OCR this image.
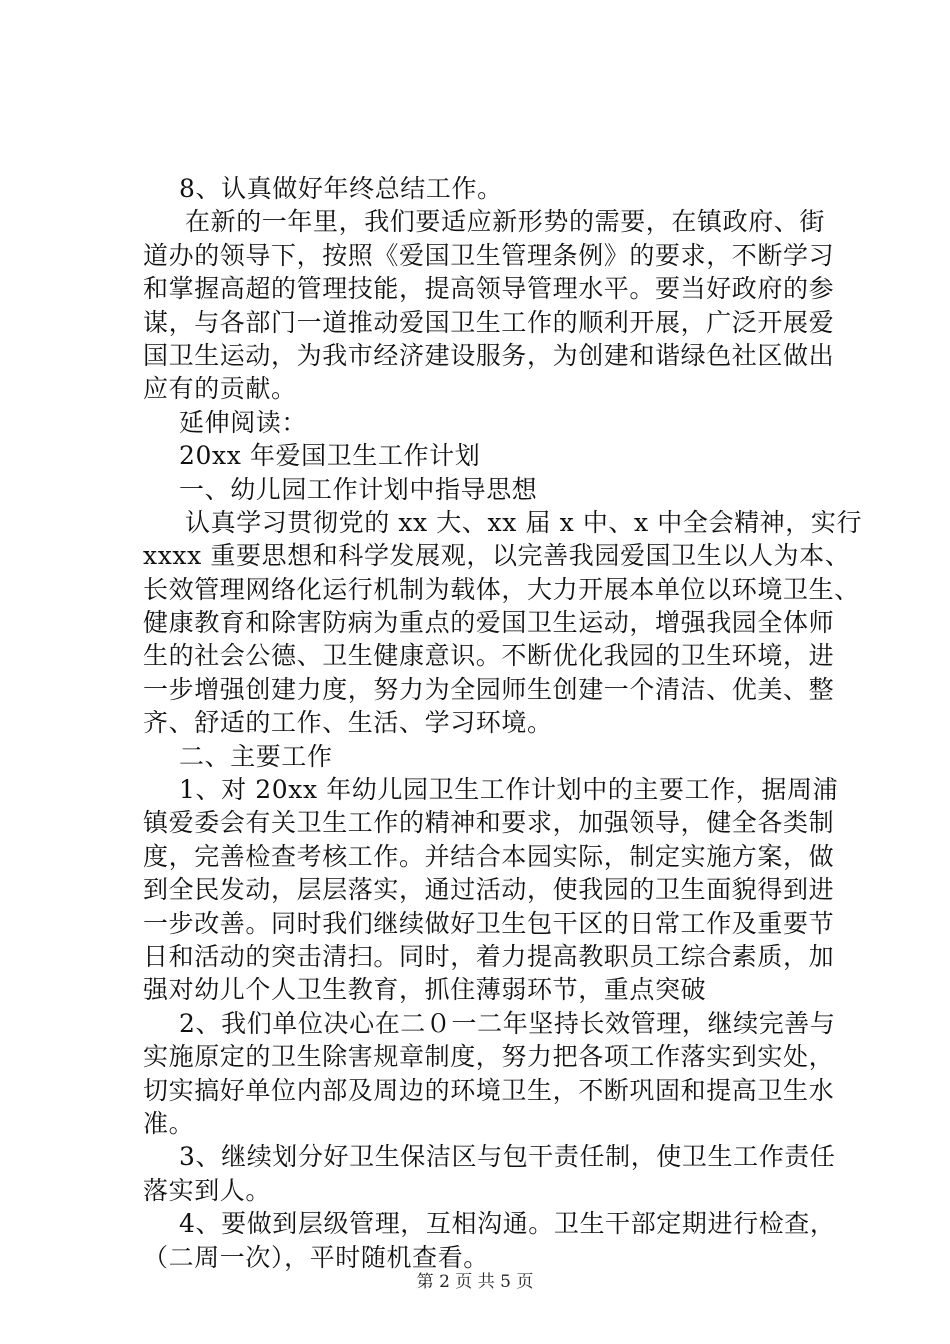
8、认真做好年终总结工作。
在新的一年里，我们要适应新形势的需要，在镇政府、街
道办的领导下，按照《爱国卫生管理条例》的要求，不断学习
和掌握高超的管理技能，提高领导管理水平。要当好政府的参
谋，与各部门一道推动爱国卫生工作的顺利开展，广泛开展爱
国卫生运动，为我市经济建设服务，为创建和谐绿色社区做出
应有的贡献。
延伸阅读：
20xx 年爱国卫生工作计划
一、幼儿园工作计划中指导思想
认真学习贯彻党的 xx 大、xx 届 x 中、x 中全会精神，实行
xxxx 重要思想和科学发展观，以完善我园爱国卫生以人为本、
长效管理网络化运行机制为载体，大力开展本单位以环境卫生、
健康教育和除害防病为重点的爱国卫生运动，增强我园全体师
生的社会公德、卫生健康意识。不断优化我园的卫生环境，进
一步增强创建力度，努力为全园师生创建一个清洁、优美、整
齐、舒适的工作、生活、学习环境。
二、主要工作
1、对 20xx 年幼儿园卫生工作计划中的主要工作，据周浦
镇爱委会有关卫生工作的精神和要求，加强领导，健全各类制
度，完善检查考核工作。并结合本园实际，制定实施方案，做
到全民发动，层层落实，通过活动，使我园的卫生面貌得到进
一步改善。同时我们继续做好卫生包干区的日常工作及重要节
日和活动的突击清扫。同时，着力提高教职员工综合素质，加
强对幼儿个人卫生教育，抓住薄弱环节，重点突破
2、我们单位决心在二０一二年坚持长效管理，继续完善与
实施原定的卫生除害规章制度，努力把各项工作落实到实处，
切实搞好单位内部及周边的环境卫生，不断巩固和提高卫生水
准。
3、继续划分好卫生保洁区与包干责任制，使卫生工作责任
落实到人。
4、要做到层级管理，互相沟通。卫生干部定期进行检查，
（二周一次），平时随机查看。
第 2 页 共 5 页
